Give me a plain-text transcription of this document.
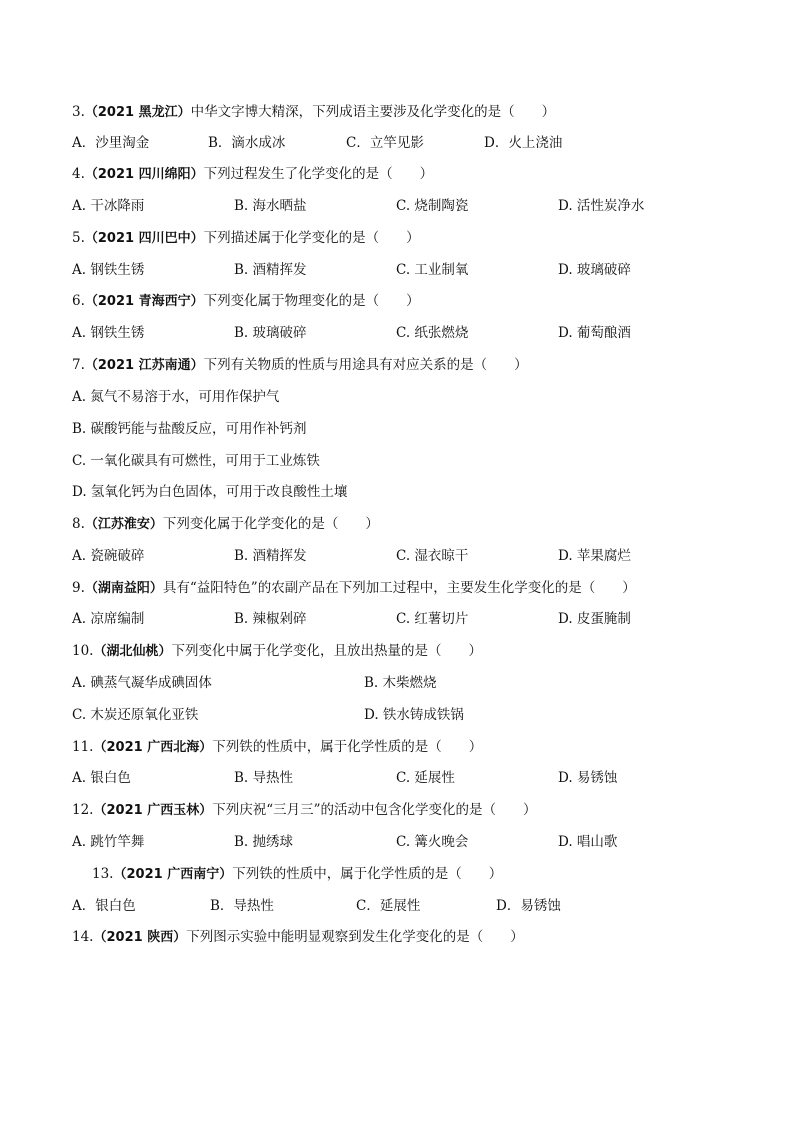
3.（2021 黑龙江）中华文字博大精深，下列成语主要涉及化学变化的是（　　）
A．沙里淘金	B．滴水成冰	C．立竿见影	D．火上浇油
4.（2021 四川绵阳）下列过程发生了化学变化的是（　　）
A. 干冰降雨	B. 海水晒盐	C. 烧制陶瓷	D. 活性炭净水
5.（2021 四川巴中）下列描述属于化学变化的是（　　）
A. 钢铁生锈	B. 酒精挥发	C. 工业制氧	D. 玻璃破碎
6.（2021 青海西宁）下列变化属于物理变化的是（　　）
A. 钢铁生锈	B. 玻璃破碎	C. 纸张燃烧	D. 葡萄酿酒
7.（2021 江苏南通）下列有关物质的性质与用途具有对应关系的是（　　）
A. 氮气不易溶于水，可用作保护气
B. 碳酸钙能与盐酸反应，可用作补钙剂
C. 一氧化碳具有可燃性，可用于工业炼铁
D. 氢氧化钙为白色固体，可用于改良酸性土壤
8.（江苏淮安）下列变化属于化学变化的是（　　）
A. 瓷碗破碎	B. 酒精挥发	C. 湿衣晾干	D. 苹果腐烂
9.（湖南益阳）具有“益阳特色”的农副产品在下列加工过程中，主要发生化学变化的是（　　）
A. 凉席编制	B. 辣椒剁碎	C. 红薯切片	D. 皮蛋腌制
10.（湖北仙桃）下列变化中属于化学变化，且放出热量的是（　　）
A. 碘蒸气凝华成碘固体	B. 木柴燃烧
C. 木炭还原氧化亚铁	D. 铁水铸成铁锅
11.（2021 广西北海）下列铁的性质中，属于化学性质的是（　　）
A. 银白色	B. 导热性	C. 延展性	D. 易锈蚀
12.（2021 广西玉林）下列庆祝“三月三”的活动中包含化学变化的是（　　）
A. 跳竹竿舞	B. 抛绣球	C. 篝火晚会	D. 唱山歌
13.（2021 广西南宁）下列铁的性质中，属于化学性质的是（　　）
A．银白色	B．导热性	C．延展性	D．易锈蚀
14.（2021 陕西）下列图示实验中能明显观察到发生化学变化的是（　　）
